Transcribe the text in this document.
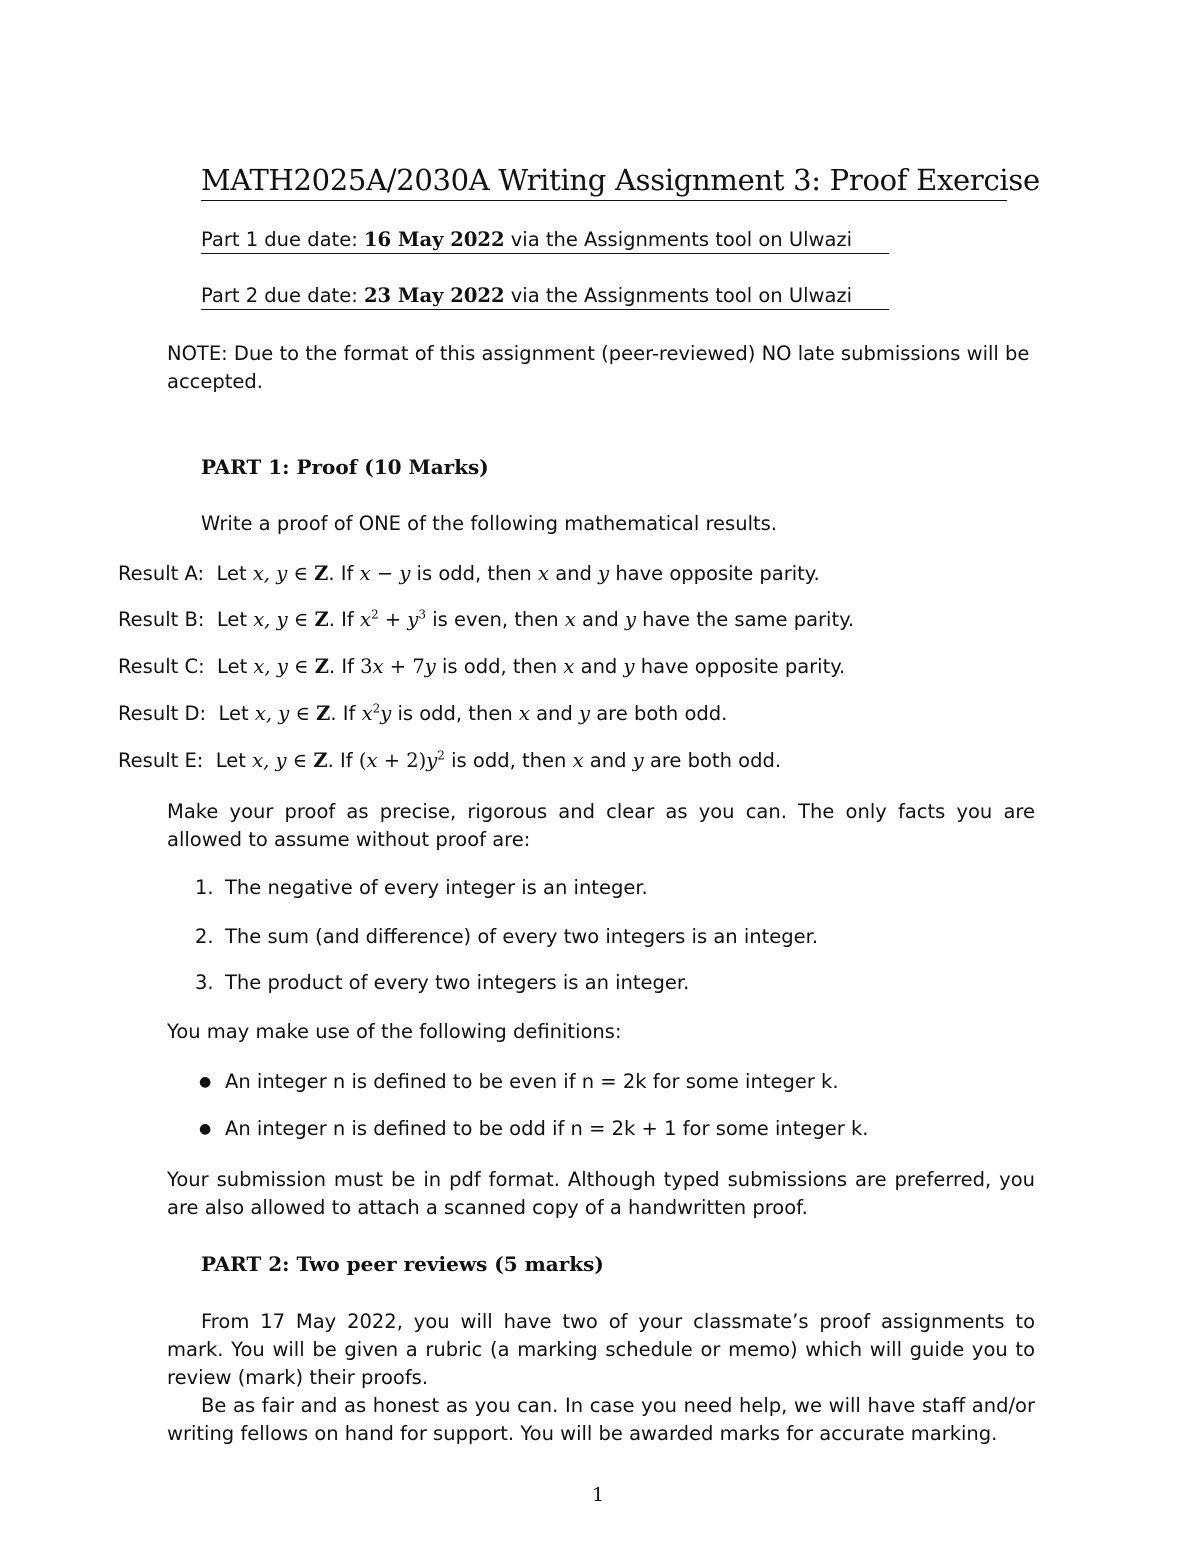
MATH2025A/2030A Writing Assignment 3: Proof Exercise
Part 1 due date: 16 May 2022 via the Assignments tool on Ulwazi
Part 2 due date: 23 May 2022 via the Assignments tool on Ulwazi
NOTE: Due to the format of this assignment (peer-reviewed) NO late submissions will be accepted.
PART 1: Proof (10 Marks)
Write a proof of ONE of the following mathematical results.
Result A: Let x, y ∈ Z. If x − y is odd, then x and y have opposite parity.
Result B: Let x, y ∈ Z. If $x^2 + y^3$ is even, then x and y have the same parity.
Result C: Let x, y ∈ Z. If 3x + 7y is odd, then x and y have opposite parity.
Result D: Let x, y ∈ Z. If $x^2y$ is odd, then x and y are both odd.
Result E: Let x, y ∈ Z. If $(x + 2)y^2$ is odd, then x and y are both odd.
Make your proof as precise, rigorous and clear as you can. The only facts you are allowed to assume without proof are:
1. The negative of every integer is an integer.
2. The sum (and difference) of every two integers is an integer.
3. The product of every two integers is an integer.
You may make use of the following definitions:
● An integer n is defined to be even if n = 2k for some integer k.
● An integer n is defined to be odd if n = 2k + 1 for some integer k.
Your submission must be in pdf format. Although typed submissions are preferred, you are also allowed to attach a scanned copy of a handwritten proof.
PART 2: Two peer reviews (5 marks)
From 17 May 2022, you will have two of your classmate’s proof assignments to mark. You will be given a rubric (a marking schedule or memo) which will guide you to review (mark) their proofs.
Be as fair and as honest as you can. In case you need help, we will have staff and/or writing fellows on hand for support. You will be awarded marks for accurate marking.
1
